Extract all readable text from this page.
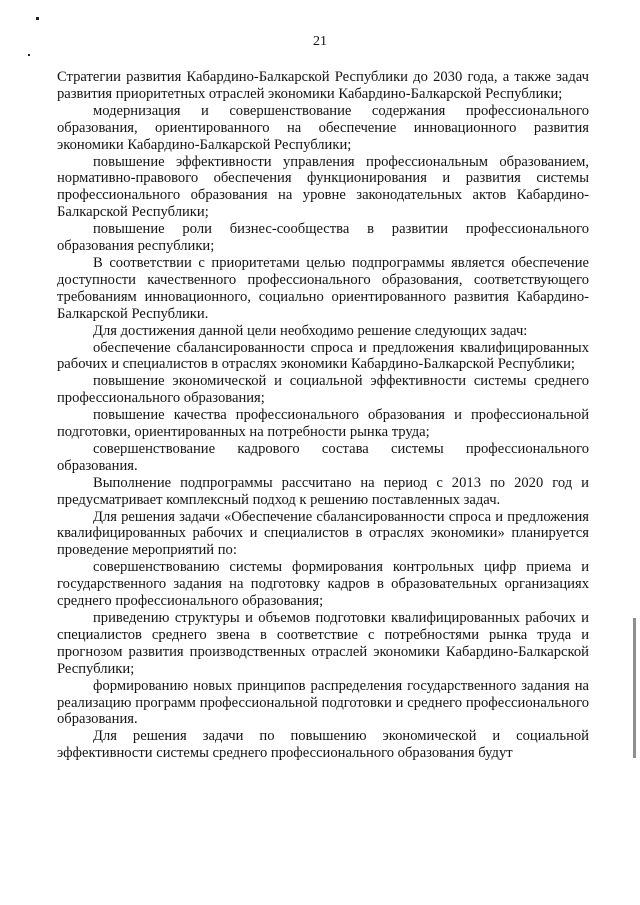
21

Стратегии развития Кабардино-Балкарской Республики до 2030 года, а также задач развития приоритетных отраслей экономики Кабардино-Балкарской Республики;

модернизация и совершенствование содержания профессионального образования, ориентированного на обеспечение инновационного развития экономики Кабардино-Балкарской Республики;

повышение эффективности управления профессиональным образованием, нормативно-правового обеспечения функционирования и развития системы профессионального образования на уровне законодательных актов Кабардино-Балкарской Республики;

повышение роли бизнес-сообщества в развитии профессионального образования республики;

В соответствии с приоритетами целью подпрограммы является обеспечение доступности качественного профессионального образования, соответствующего требованиям инновационного, социально ориентированного развития Кабардино-Балкарской Республики.

Для достижения данной цели необходимо решение следующих задач:

обеспечение сбалансированности спроса и предложения квалифицированных рабочих и специалистов в отраслях экономики Кабардино-Балкарской Республики;

повышение экономической и социальной эффективности системы среднего профессионального образования;

повышение качества профессионального образования и профессиональной подготовки, ориентированных на потребности рынка труда;

совершенствование кадрового состава системы профессионального образования.

Выполнение подпрограммы рассчитано на период с 2013 по 2020 год и предусматривает комплексный подход к решению поставленных задач.

Для решения задачи «Обеспечение сбалансированности спроса и предложения квалифицированных рабочих и специалистов в отраслях экономики» планируется проведение мероприятий по:

совершенствованию системы формирования контрольных цифр приема и государственного задания на подготовку кадров в образовательных организациях среднего профессионального образования;

приведению структуры и объемов подготовки квалифицированных рабочих и специалистов среднего звена в соответствие с потребностями рынка труда и прогнозом развития производственных отраслей экономики Кабардино-Балкарской Республики;

формированию новых принципов распределения государственного задания на реализацию программ профессиональной подготовки и среднего профессионального образования.

Для решения задачи по повышению экономической и социальной эффективности системы среднего профессионального образования будут
